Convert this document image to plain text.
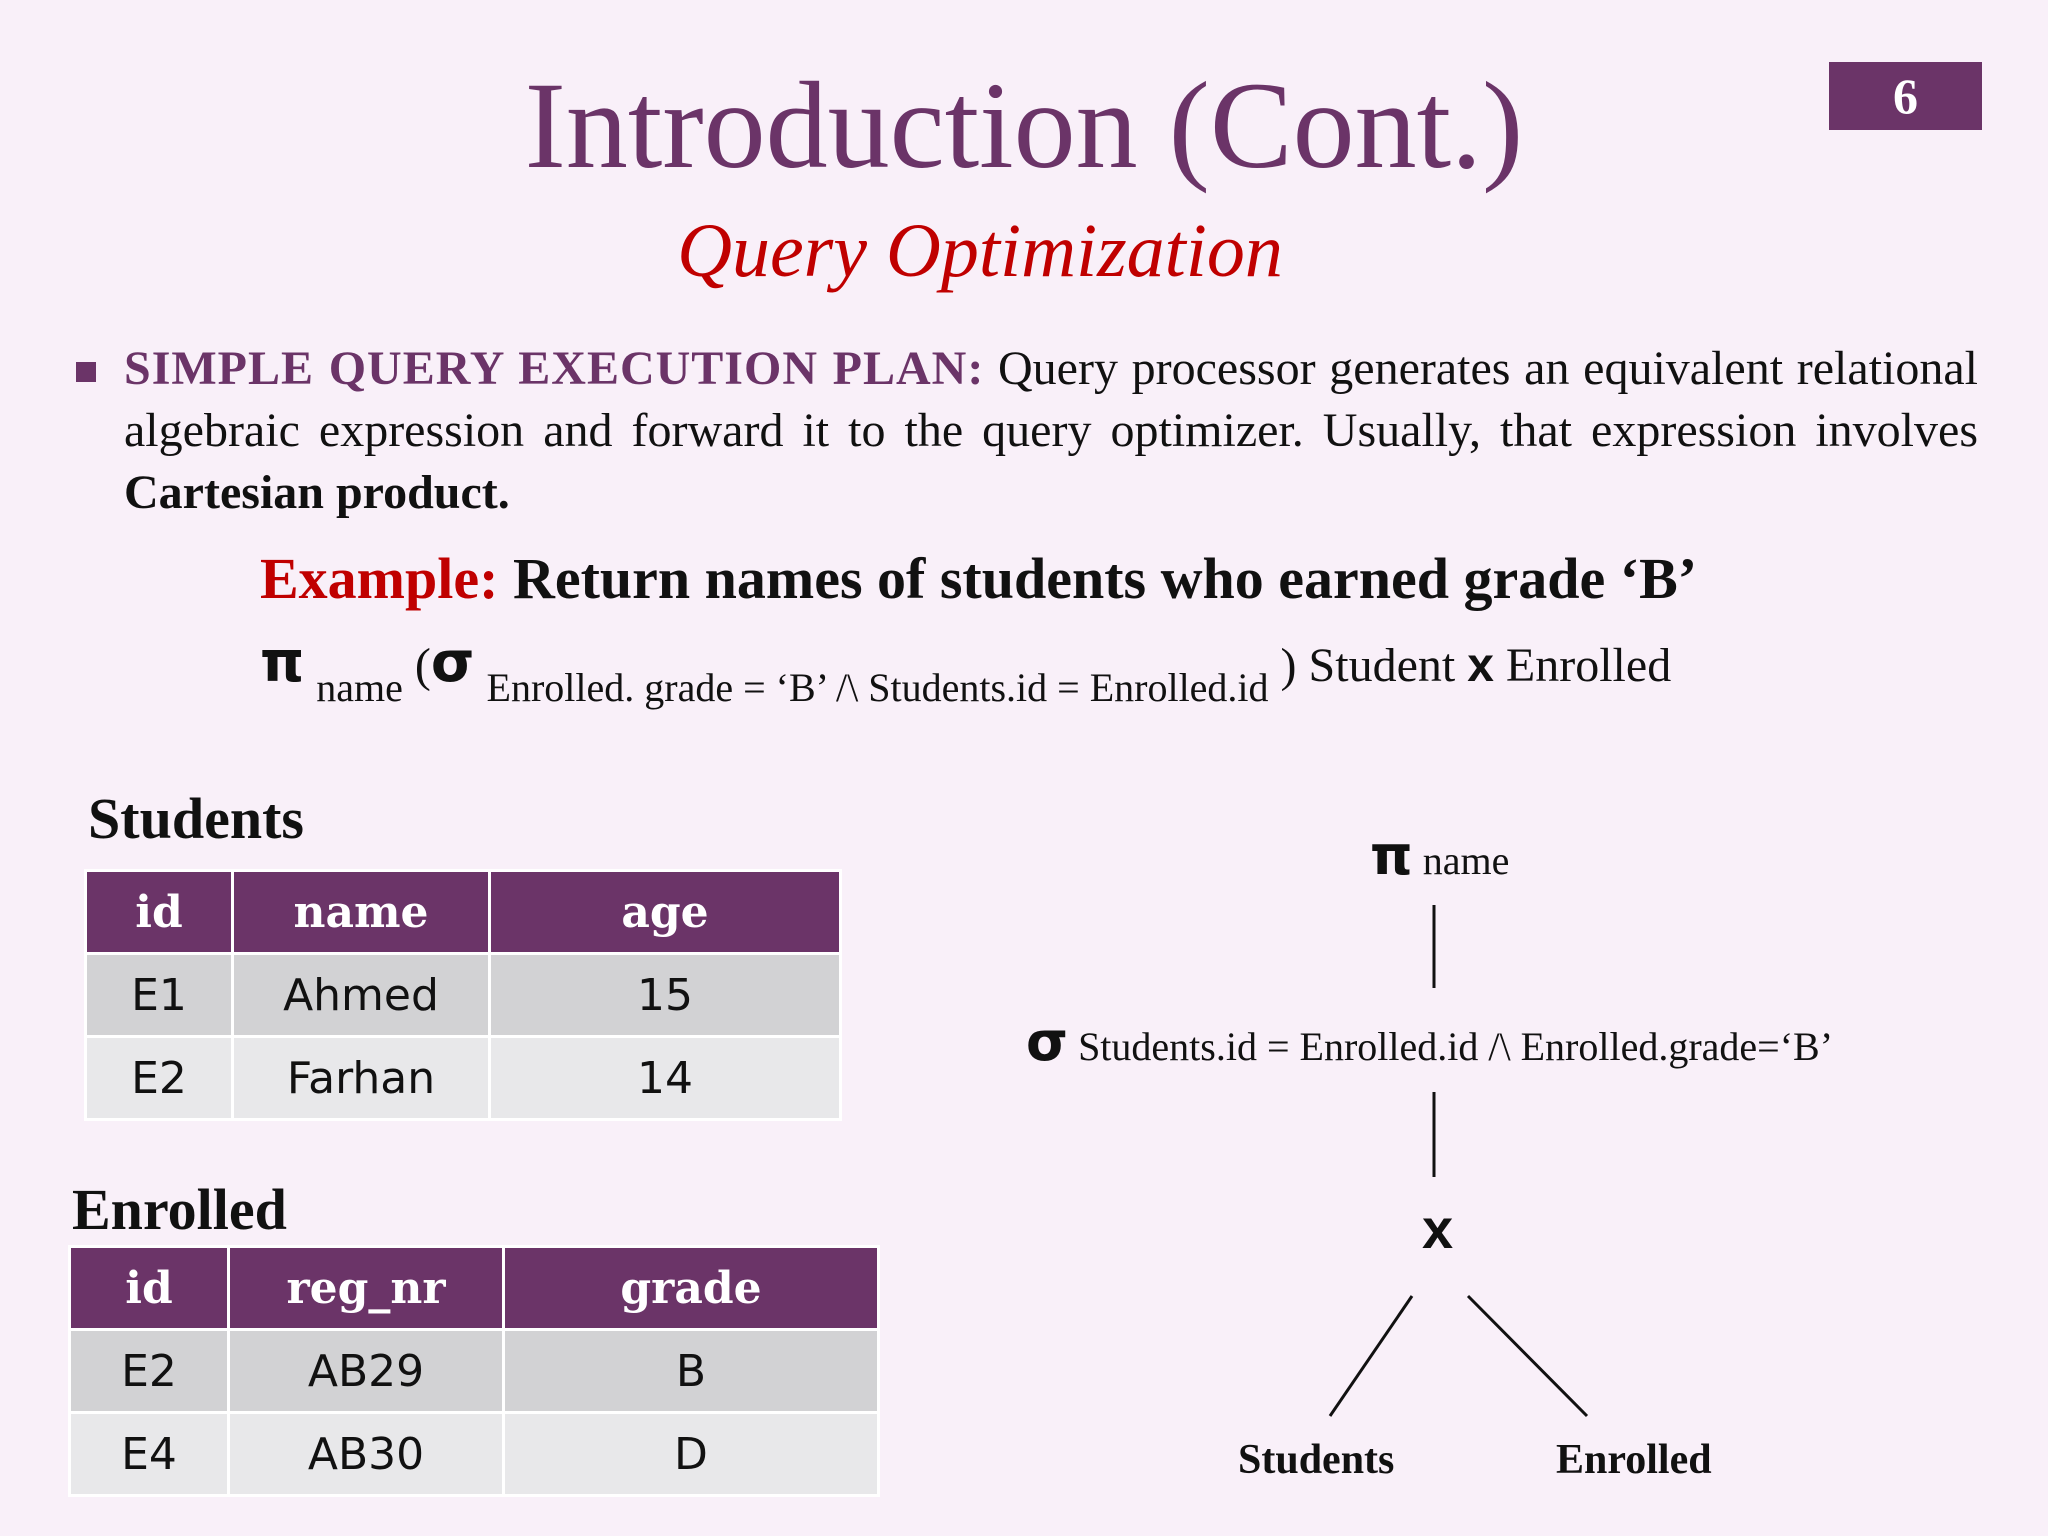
Introduction (Cont.)
Query Optimization
6
SIMPLE QUERY EXECUTION PLAN: Query processor generates an equivalent relational algebraic expression and forward it to the query optimizer. Usually, that expression involves Cartesian product.
Example: Return names of students who earned grade ‘B’
π $_{name}$ (σ $_{Enrolled. grade = ‘B’ /\backslash Students.id = Enrolled.id}$ ) Student x Enrolled
Students
id	name	age
E1	Ahmed	15
E2	Farhan	14
Enrolled
id	reg_nr	grade
E2	AB29	B
E4	AB30	D
π name
σ Students.id = Enrolled.id /\ Enrolled.grade=‘B’
x
Students	Enrolled
